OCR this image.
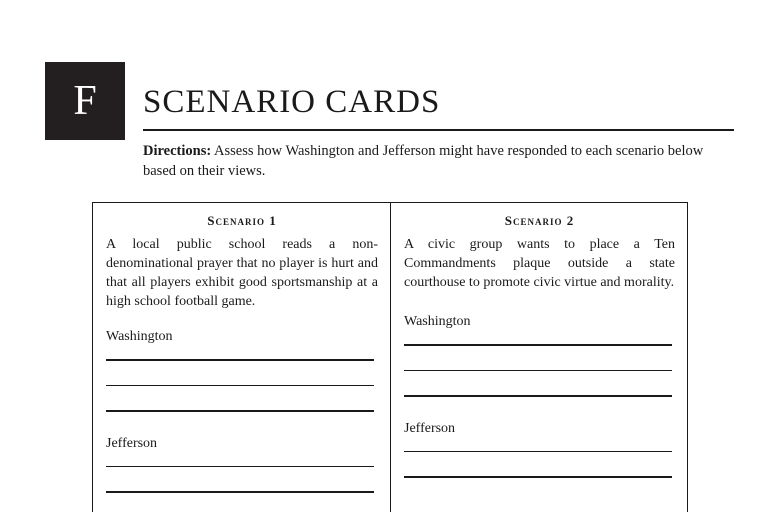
F SCENARIO CARDS
Directions: Assess how Washington and Jefferson might have responded to each scenario below based on their views.
Scenario 1
A local public school reads a non-denominational prayer that no player is hurt and that all players exhibit good sportsmanship at a high school football game.
Washington
Jefferson
Scenario 2
A civic group wants to place a Ten Commandments plaque outside a state courthouse to promote civic virtue and morality.
Washington
Jefferson
